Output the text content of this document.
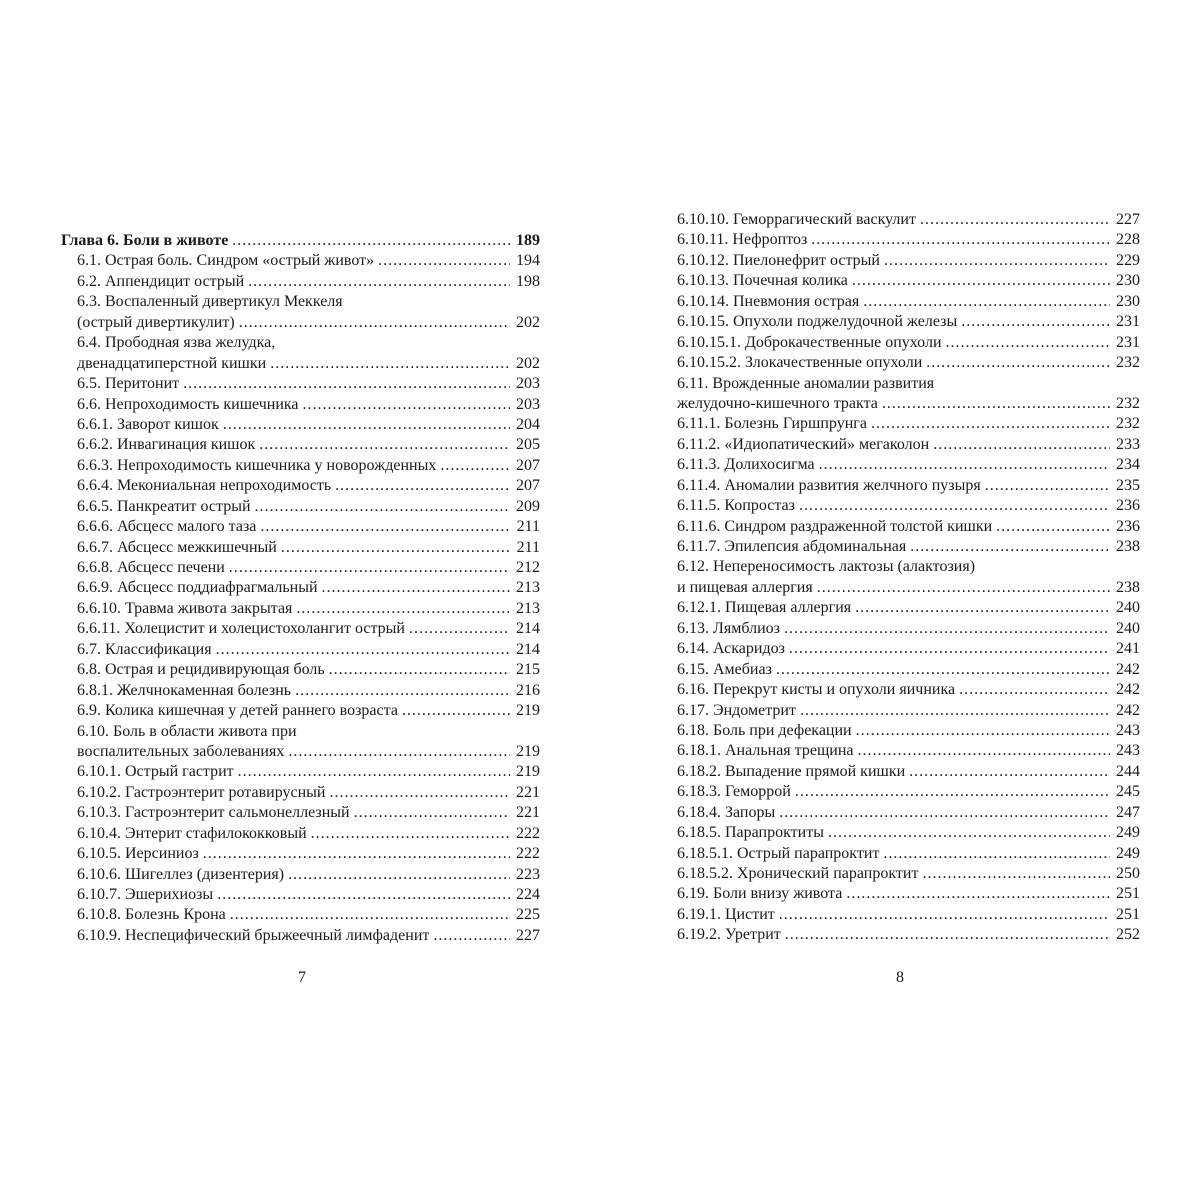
Глава 6. Боли в животе .....	189
6.1. Острая боль. Синдром «острый живот» .....	194
6.2. Аппендицит острый .....	198
6.3. Воспаленный дивертикул Меккеля
(острый дивертикулит) .....	202
6.4. Прободная язва желудка,
двенадцатиперстной кишки .....	202
6.5. Перитонит .....	203
6.6. Непроходимость кишечника .....	203
6.6.1. Заворот кишок .....	204
6.6.2. Инвагинация кишок .....	205
6.6.3. Непроходимость кишечника у новорожденных .....	207
6.6.4. Мекониальная непроходимость .....	207
6.6.5. Панкреатит острый .....	209
6.6.6. Абсцесс малого таза .....	211
6.6.7. Абсцесс межкишечный .....	211
6.6.8. Абсцесс печени .....	212
6.6.9. Абсцесс поддиафрагмальный .....	213
6.6.10. Травма живота закрытая .....	213
6.6.11. Холецистит и холецистохолангит острый .....	214
6.7. Классификация .....	214
6.8. Острая и рецидивирующая боль .....	215
6.8.1. Желчнокаменная болезнь .....	216
6.9. Колика кишечная у детей раннего возраста .....	219
6.10. Боль в области живота при
воспалительных заболеваниях .....	219
6.10.1. Острый гастрит .....	219
6.10.2. Гастроэнтерит ротавирусный .....	221
6.10.3. Гастроэнтерит сальмонеллезный .....	221
6.10.4. Энтерит стафилококковый .....	222
6.10.5. Иерсиниоз .....	222
6.10.6. Шигеллез (дизентерия) .....	223
6.10.7. Эшерихиозы .....	224
6.10.8. Болезнь Крона .....	225
6.10.9. Неспецифический брыжеечный лимфаденит .....	227
7
6.10.10. Геморрагический васкулит .....	227
6.10.11. Нефроптоз .....	228
6.10.12. Пиелонефрит острый .....	229
6.10.13. Почечная колика .....	230
6.10.14. Пневмония острая .....	230
6.10.15. Опухоли поджелудочной железы .....	231
6.10.15.1. Доброкачественные опухоли .....	231
6.10.15.2. Злокачественные опухоли .....	232
6.11. Врожденные аномалии развития
желудочно-кишечного тракта .....	232
6.11.1. Болезнь Гиршпрунга .....	232
6.11.2. «Идиопатический» мегаколон .....	233
6.11.3. Долихосигма .....	234
6.11.4. Аномалии развития желчного пузыря .....	235
6.11.5. Копростаз .....	236
6.11.6. Синдром раздраженной толстой кишки .....	236
6.11.7. Эпилепсия абдоминальная .....	238
6.12. Непереносимость лактозы (алактозия)
и пищевая аллергия .....	238
6.12.1. Пищевая аллергия .....	240
6.13. Лямблиоз .....	240
6.14. Аскаридоз .....	241
6.15. Амебиаз .....	242
6.16. Перекрут кисты и опухоли яичника .....	242
6.17. Эндометрит .....	242
6.18. Боль при дефекации .....	243
6.18.1. Анальная трещина .....	243
6.18.2. Выпадение прямой кишки .....	244
6.18.3. Геморрой .....	245
6.18.4. Запоры .....	247
6.18.5. Парапроктиты .....	249
6.18.5.1. Острый парапроктит .....	249
6.18.5.2. Хронический парапроктит .....	250
6.19. Боли внизу живота .....	251
6.19.1. Цистит .....	251
6.19.2. Уретрит .....	252
8
